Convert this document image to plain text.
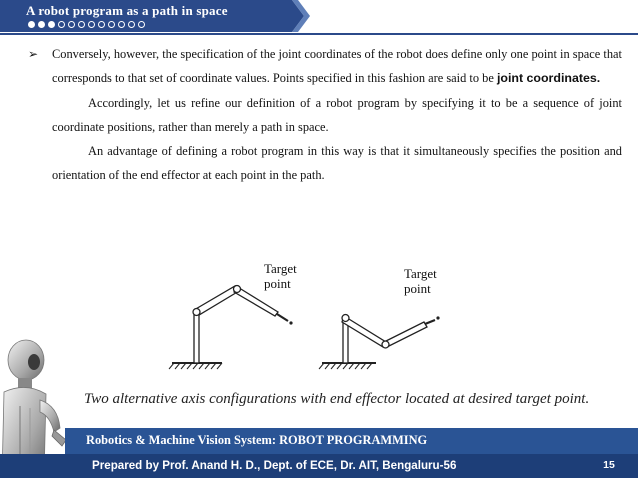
A robot program as a path in space
➢ Conversely, however, the specification of the joint coordinates of the robot does define only one point in space that corresponds to that set of coordinate values. Points specified in this fashion are said to be joint coordinates.

Accordingly, let us refine our definition of a robot program by specifying it to be a sequence of joint coordinate positions, rather than merely a path in space.

An advantage of defining a robot program in this way is that it simultaneously specifies the position and orientation of the end effector at each point in the path.

Target
point
Target
point
Two alternative axis configurations with end effector located at desired target point.
Robotics & Machine Vision System: ROBOT PROGRAMMING
Prepared by Prof. Anand H. D., Dept. of ECE, Dr. AIT, Bengaluru-56	15
